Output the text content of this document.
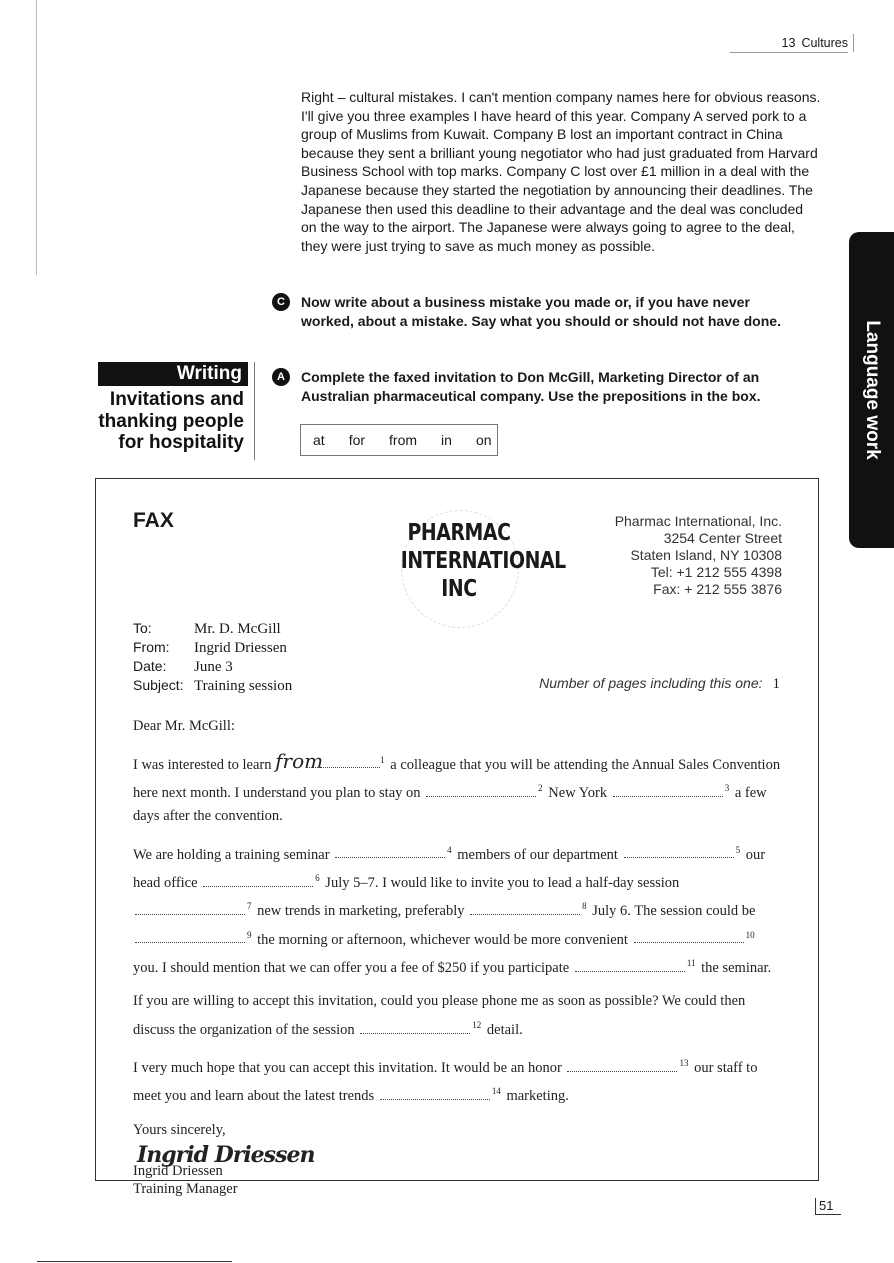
13 Cultures
Right – cultural mistakes. I can't mention company names here for obvious reasons. I'll give you three examples I have heard of this year. Company A served pork to a group of Muslims from Kuwait. Company B lost an important contract in China because they sent a brilliant young negotiator who had just graduated from Harvard Business School with top marks. Company C lost over £1 million in a deal with the Japanese because they started the negotiation by announcing their deadlines. The Japanese then used this deadline to their advantage and the deal was concluded on the way to the airport. The Japanese were always going to agree to the deal, they were just trying to save as much money as possible.
C Now write about a business mistake you made or, if you have never worked, about a mistake. Say what you should or should not have done.
Writing
Invitations and
thanking people
for hospitality
A Complete the faxed invitation to Don McGill, Marketing Director of an Australian pharmaceutical company. Use the prepositions in the box.
at for from in on	Language work
FAX	PHARMAC
INTERNATIONAL
INC
Pharmac International, Inc.
3254 Center Street
Staten Island, NY 10308
Tel: +1 212 555 4398
Fax: + 212 555 3876
To:	Mr. D. McGill
From: Ingrid Driessen
Date: June 3
Subject: Training session	Number of pages including this one: 1

Dear Mr. McGill:

I was interested to learn from	$^1$ a colleague that you will be attending the Annual Sales Convention here next month. I understand you plan to stay on	$^2$ New York	$^3$ a few days after the convention.

We are holding a training seminar	$^4$ members of our department	$^5$ our head office	$^6$ July 5–7. I would like to invite you to lead a half-day session $^7$ new trends in marketing, preferably	$^8$ July 6. The session could be $^9$ the morning or afternoon, whichever would be more convenient	$^{10}$ you. I should mention that we can offer you a fee of $250 if you participate	$^{11}$ the seminar.

If you are willing to accept this invitation, could you please phone me as soon as possible? We could then discuss the organization of the session	$^{12}$ detail.

I very much hope that you can accept this invitation. It would be an honor	$^{13}$ our staff to meet you and learn about the latest trends	$^{14}$ marketing.

Yours sincerely,

Ingrid Driessen

Ingrid Driessen

Training Manager

51
